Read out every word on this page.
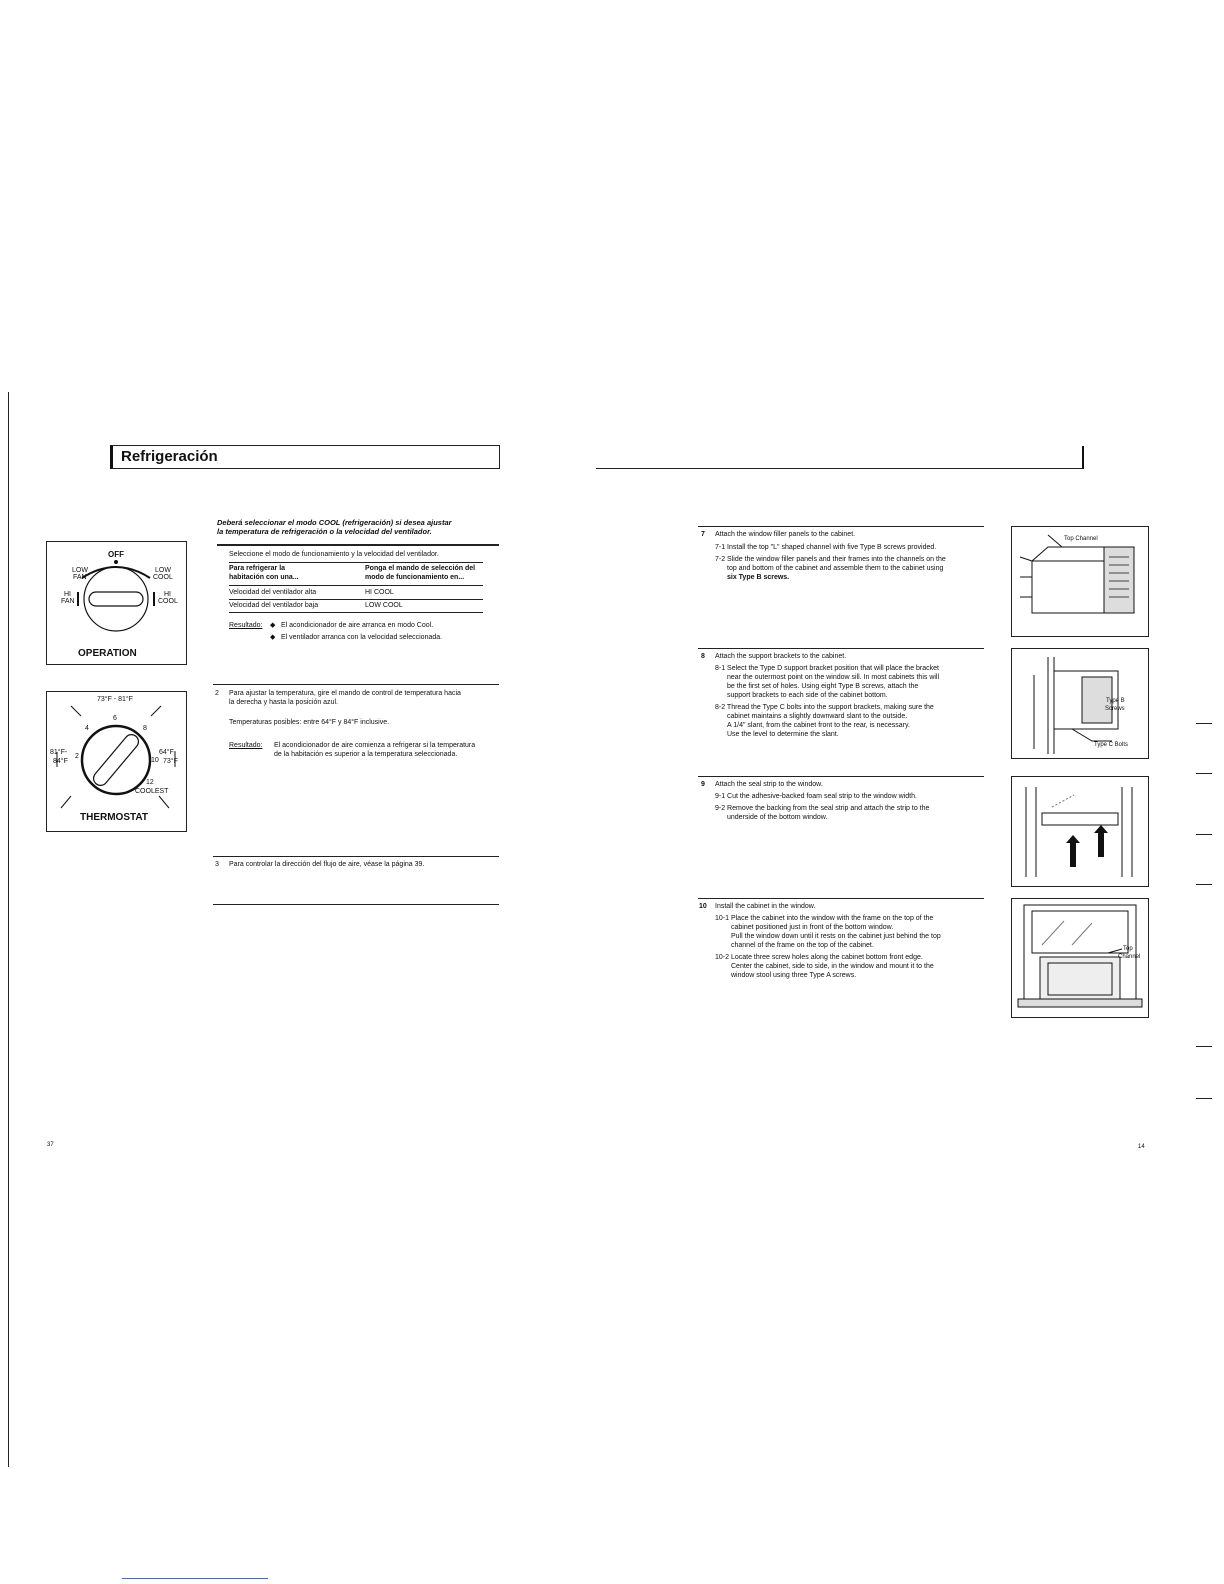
Refrigeración
Deberá seleccionar el modo COOL (refrigeración) si desea ajustar
la temperatura de refrigeración o la velocidad del ventilador.
Seleccione el modo de funcionamiento y la velocidad del ventilador.
Para refrigerar la
habitación con una...
Ponga el mando de selección del
modo de funcionamiento en...
Velocidad del ventilador alta	HI COOL
Velocidad del ventilador baja	LOW COOL
Resultado: ◆ El acondicionador de aire arranca en modo Cool.
◆ El ventilador arranca con la velocidad seleccionada.
OFF
LOW
FAN
LOW
COOL
HI
FAN
HI
COOL
OPERATION
2 Para ajustar la temperatura, gire el mando de control de temperatura hacia
la derecha y hasta la posición azul.
Temperaturas posibles: entre 64°F y 84°F inclusive.
Resultado: El acondicionador de aire comienza a refrigerar si la temperatura
de la habitación es superior a la temperatura seleccionada.
73°F - 81°F
6
4	8
2
10
12
81°F-
84°F
64°F-
73°F
COOLEST
THERMOSTAT
3 Para controlar la dirección del flujo de aire, véase la página 39.
37
7 Attach the window filler panels to the cabinet.
7-1 Install the top "L" shaped channel with five Type B screws provided.
7-2 Slide the window filler panels and their frames into the channels on the
top and bottom of the cabinet and assemble them to the cabinet using
six Type B screws.
Top Channel
8 Attach the support brackets to the cabinet.
8-1 Select the Type D support bracket position that will place the bracket
near the outermost point on the window sill. In most cabinets this will
be the first set of holes. Using eight Type B screws, attach the
support brackets to each side of the cabinet bottom.
8-2 Thread the Type C bolts into the support brackets, making sure the
cabinet maintains a slightly downward slant to the outside.
A 1/4" slant, from the cabinet front to the rear, is necessary.
Use the level to determine the slant.
Type B
Screws
Type C Bolts
9 Attach the seal strip to the window.
9-1 Cut the adhesive-backed foam seal strip to the window width.
9-2 Remove the backing from the seal strip and attach the strip to the
underside of the bottom window.
10 Install the cabinet in the window.
10-1 Place the cabinet into the window with the frame on the top of the
cabinet positioned just in front of the bottom window.
Pull the window down until it rests on the cabinet just behind the top
channel of the frame on the top of the cabinet.
10-2 Locate three screw holes along the cabinet bottom front edge.
Center the cabinet, side to side, in the window and mount it to the
window stool using three Type A screws.
Top
Channel
14
